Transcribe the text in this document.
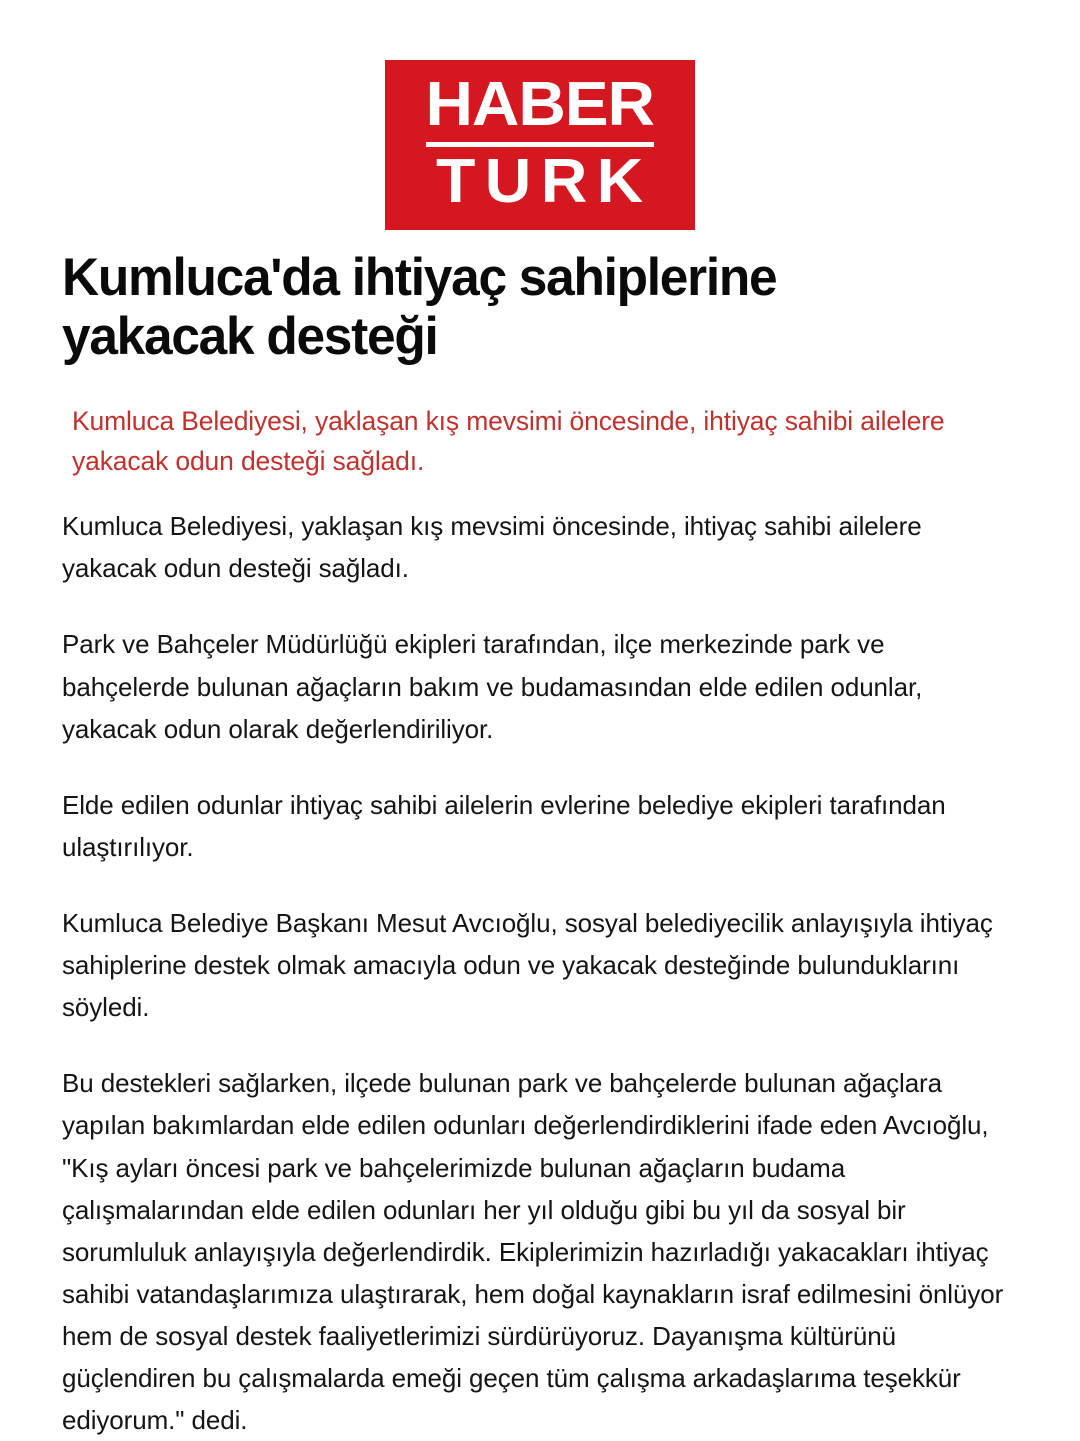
HABER
TURK
Kumluca'da ihtiyaç sahiplerine yakacak desteği

Kumluca Belediyesi, yaklaşan kış mevsimi öncesinde, ihtiyaç sahibi ailelere yakacak odun desteği sağladı.

Kumluca Belediyesi, yaklaşan kış mevsimi öncesinde, ihtiyaç sahibi ailelere yakacak odun desteği sağladı.

Park ve Bahçeler Müdürlüğü ekipleri tarafından, ilçe merkezinde park ve bahçelerde bulunan ağaçların bakım ve budamasından elde edilen odunlar, yakacak odun olarak değerlendiriliyor.

Elde edilen odunlar ihtiyaç sahibi ailelerin evlerine belediye ekipleri tarafından ulaştırılıyor.

Kumluca Belediye Başkanı Mesut Avcıoğlu, sosyal belediyecilik anlayışıyla ihtiyaç sahiplerine destek olmak amacıyla odun ve yakacak desteğinde bulunduklarını söyledi.

Bu destekleri sağlarken, ilçede bulunan park ve bahçelerde bulunan ağaçlara yapılan bakımlardan elde edilen odunları değerlendirdiklerini ifade eden Avcıoğlu, "Kış ayları öncesi park ve bahçelerimizde bulunan ağaçların budama çalışmalarından elde edilen odunları her yıl olduğu gibi bu yıl da sosyal bir sorumluluk anlayışıyla değerlendirdik. Ekiplerimizin hazırladığı yakacakları ihtiyaç sahibi vatandaşlarımıza ulaştırarak, hem doğal kaynakların israf edilmesini önlüyor hem de sosyal destek faaliyetlerimizi sürdürüyoruz. Dayanışma kültürünü güçlendiren bu çalışmalarda emeği geçen tüm çalışma arkadaşlarıma teşekkür ediyorum." dedi.
